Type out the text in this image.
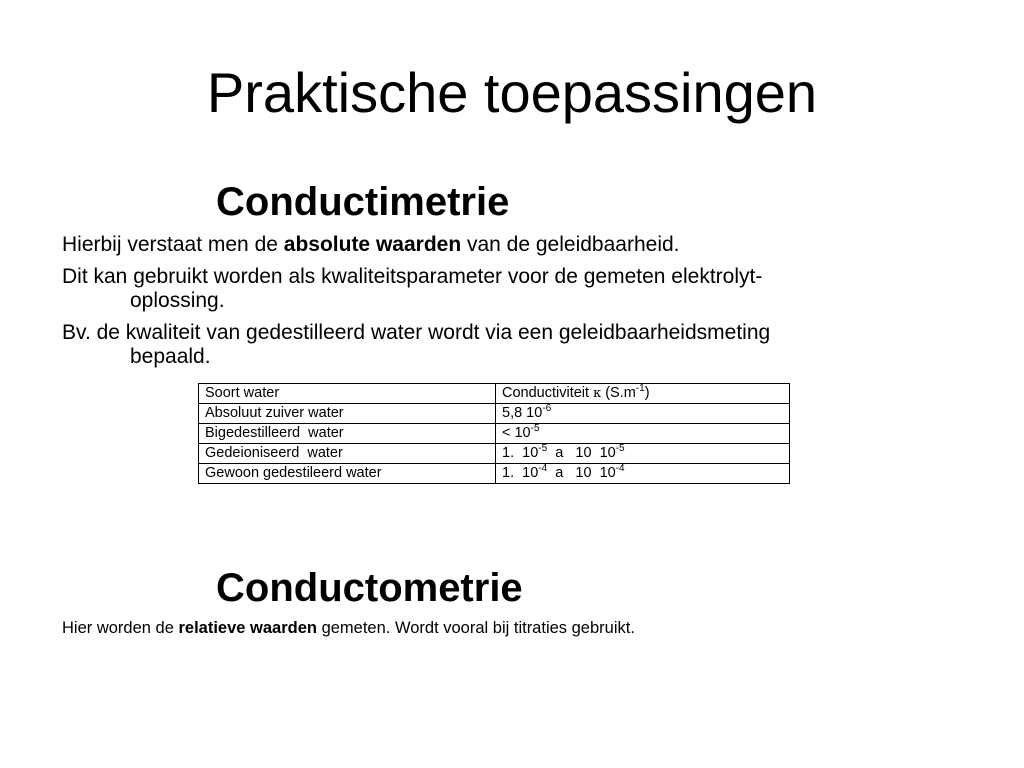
Praktische toepassingen
Conductimetrie
Hierbij verstaat men de absolute waarden van de geleidbaarheid.
Dit kan gebruikt worden als kwaliteitsparameter voor de gemeten elektrolyt-
oplossing.
Bv. de kwaliteit van gedestilleerd water wordt via een geleidbaarheidsmeting
bepaald.
Soort water	Conductiviteit κ $(S.m^{-1})$
Absoluut zuiver water	5,8 $10^{-6}$
Bigedestilleerd  water	< $10^{-5}$
Gedeioniseerd  water	1.  $10^{-5}$  a   10  $10^{-5}$
Gewoon gedestileerd water	1.  $10^{-4}$  a   10  $10^{-4}$
Conductometrie
Hier worden de relatieve waarden gemeten. Wordt vooral bij titraties gebruikt.
